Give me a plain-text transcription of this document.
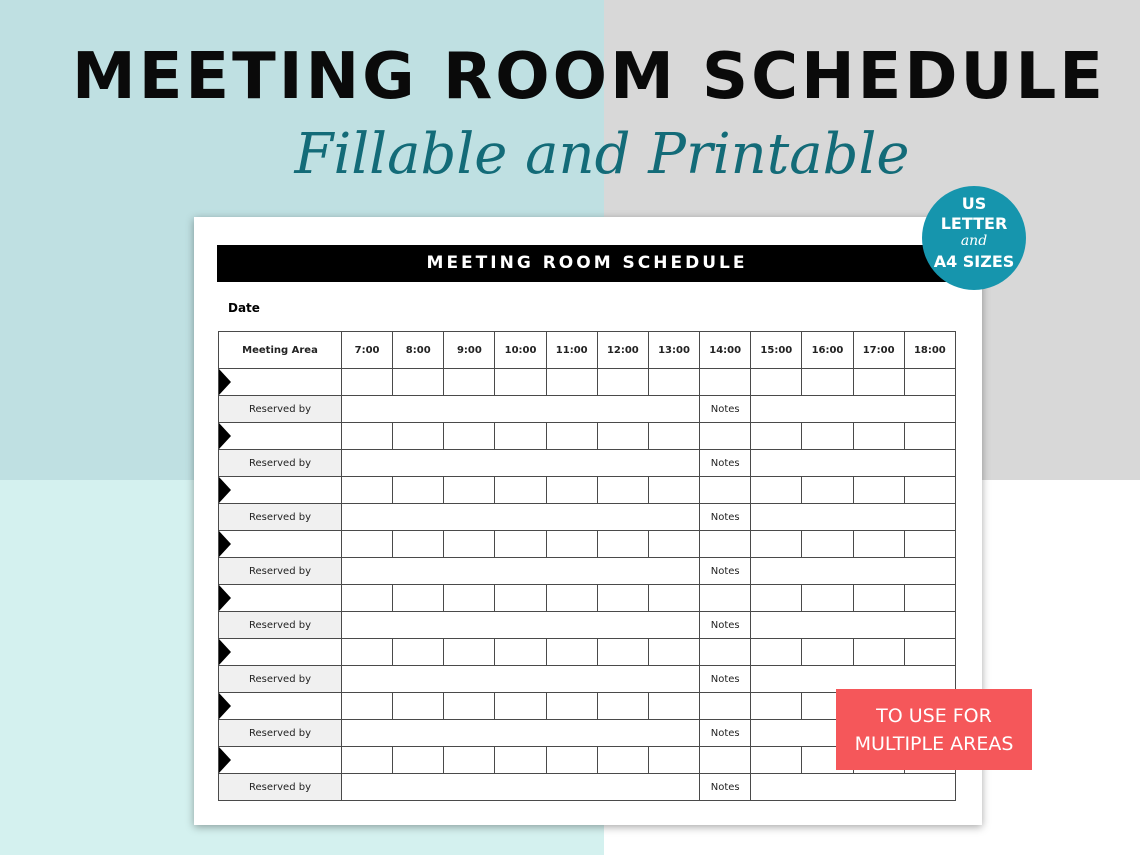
MEETING ROOM SCHEDULE
Fillable and Printable
MEETING ROOM SCHEDULE
Date
Meeting Area	7:00	8:00	9:00	10:00	11:00	12:00	13:00	14:00	15:00	16:00	17:00	18:00

Reserved by								Notes				

Reserved by								Notes				

Reserved by								Notes				

Reserved by								Notes				

Reserved by								Notes				

Reserved by								Notes				

Reserved by								Notes				

Reserved by								Notes				
US
LETTER
and
A4 SIZES
TO USE FOR
MULTIPLE AREAS
